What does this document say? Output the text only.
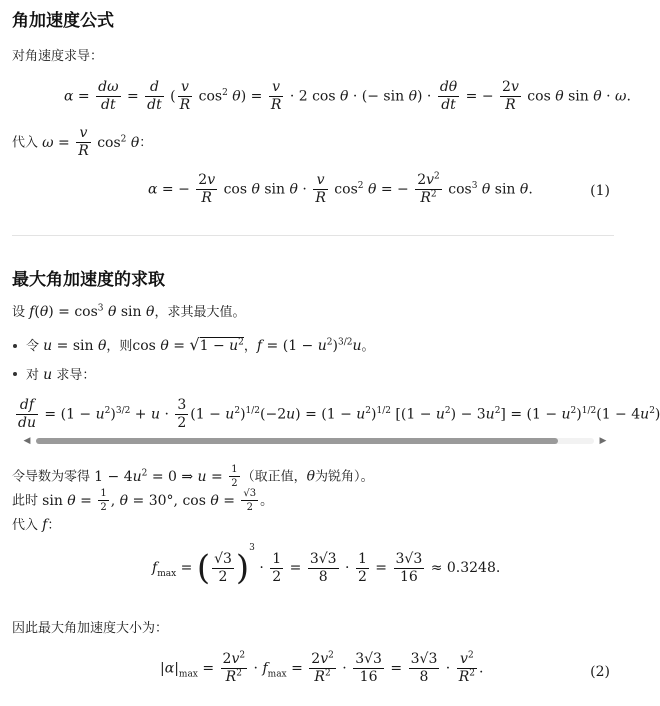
角加速度公式
对角速度求导：
$\alpha = \frac{d\omega}{dt} = \frac{d}{dt}$ ( $\frac{v}{R} \cos^2 \theta) = \frac{v}{R} \cdot 2$ cos θ · (− $\sin \theta) \cdot \frac{d\theta}{dt}$ = − $\frac{2v}{R}$ cos θ sin θ · ω.
代入 $\omega = \frac{v}{R} \cos^2 \theta$：
α = − $\frac{2v}{R}$ cos θ $\sin \theta \cdot \frac{v}{R} \cos^2 \theta$ = − $\frac{2v^2}{R^2} \cos^3 \theta$ sin θ.	(1)
最大角加速度的求取
设 $f(\theta) = \cos^3 \theta$ sin θ，求其最大值。
令 u = sin θ，则$\cos \theta = √1 - u^2$，$f = (1 - u^2)^{3/2}u$。
对 u 求导：
$\frac{df}{du} = (1 - u^2)^{3/2} + u \cdot \frac{3}{2} (1 - u^2)^{1/2}(-2u) = (1 - u^2)^{1/2}$ $[(1 - u^2) - 3u^2] = (1 - u^2)^{1/2}(1 - 4u^2)$
◀	▶
令导数为零得 $1 - 4u^2 = 0$ ⇒ $u = \frac{1}{2}$ （取正值，θ为锐角）。
此时 $\sin \theta = \frac{1}{2}$ , θ = 30°, $\cos \theta = \frac{√3}{2}$ 。
代入 f：
$f_{max}$ = ( $\frac{√3}{2} )^3 \cdot \frac{1}{2} = \frac{3√3}{8} \cdot \frac{1}{2} = \frac{3√3}{16} \approx 0.3248$.
因此最大角加速度大小为：
$|\alpha|_{max} = \frac{2v^2}{R^2} \cdot f_{max} = \frac{2v^2}{R^2} \cdot \frac{3√3}{16} = \frac{3√3}{8} \cdot \frac{v^2}{R^2}$ .	(2)
